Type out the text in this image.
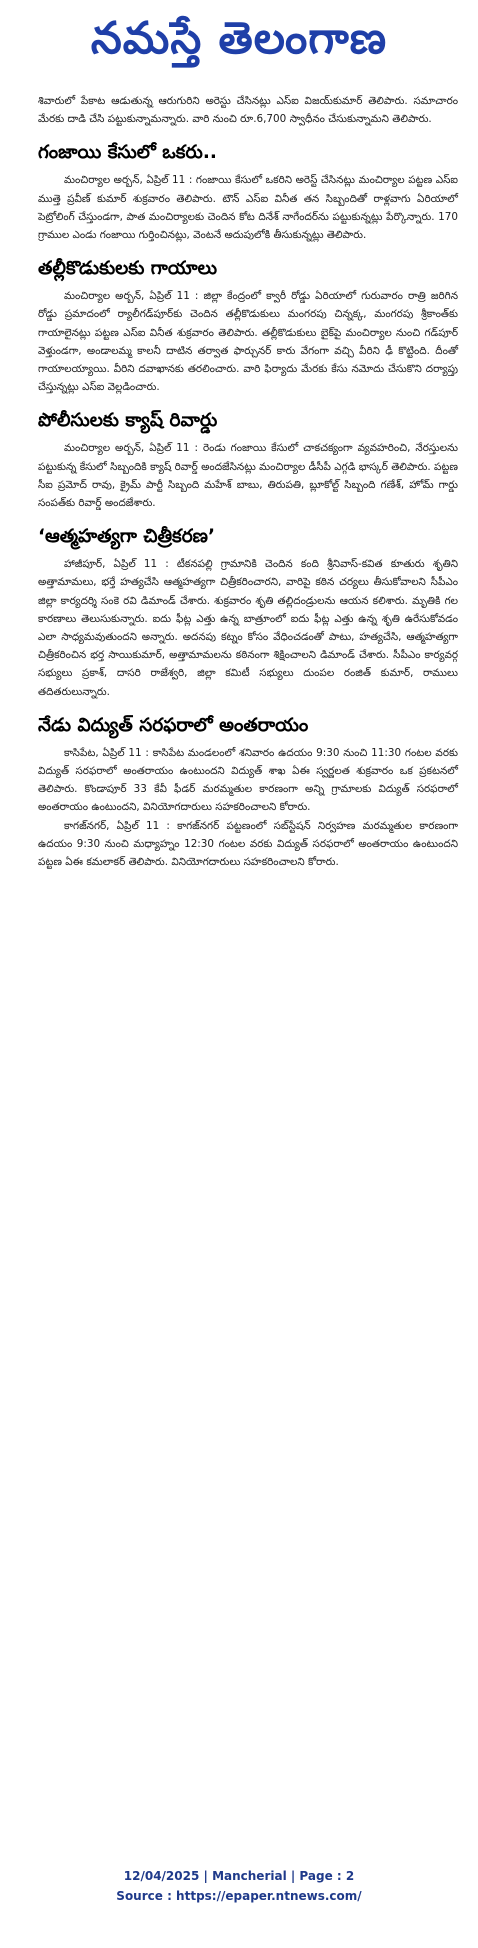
నమస్తే తెలంగాణ

శివారులో పేకాట ఆడుతున్న ఆరుగురిని అరెస్టు చేసినట్లు ఎస్ఐ విజయ్‌కుమార్ తెలిపారు. సమాచారం మేరకు దాడి చేసి పట్టుకున్నామన్నారు. వారి నుంచి రూ.6,700 స్వాధీనం చేసుకున్నామని తెలిపారు.

గంజాయి కేసులో ఒకరు..

మంచిర్యాల అర్బన్, ఏప్రిల్ 11 : గంజాయి కేసులో ఒకరిని అరెస్ట్ చేసినట్లు మంచిర్యాల పట్టణ ఎస్ఐ ముత్తె ప్రవీణ్ కుమార్ శుక్రవారం తెలిపారు. టౌన్ ఎస్ఐ వినీత తన సిబ్బందితో రాళ్లవాగు ఏరియాలో పెట్రోలింగ్ చేస్తుండగా, పాత మంచిర్యాలకు చెందిన కోట దినేశ్ నాగేందర్‌ను పట్టుకున్నట్లు పేర్కొన్నారు. 170 గ్రాముల ఎండు గంజాయి గుర్తించినట్లు, వెంటనే అదుపులోకి తీసుకున్నట్లు తెలిపారు.

తల్లీకొడుకులకు గాయాలు

మంచిర్యాల అర్బన్, ఏప్రిల్ 11 : జిల్లా కేంద్రంలో క్వారీ రోడ్డు ఏరియాలో గురువారం రాత్రి జరిగిన రోడ్డు ప్రమాదంలో ర్యాలీగడ్‌పూర్‌కు చెందిన తల్లీకొడుకులు మంగరపు చిన్నక్క, మంగరపు శ్రీకాంత్‌కు గాయాలైనట్లు పట్టణ ఎస్ఐ వినీత శుక్రవారం తెలిపారు. తల్లీకొడుకులు బైక్‌పై మంచిర్యాల నుంచి గడ్‌పూర్ వెళ్తుండగా, అండాలమ్మ కాలనీ దాటిన తర్వాత ఫార్చునర్ కారు వేగంగా వచ్చి వీరిని ఢీ కొట్టింది. దీంతో గాయాలయ్యాయి. వీరిని దవాఖానకు తరలించారు. వారి ఫిర్యాదు మేరకు కేసు నమోదు చేసుకొని దర్యాప్తు చేస్తున్నట్లు ఎస్ఐ వెల్లడించారు.

పోలీసులకు క్యాష్ రివార్డు

మంచిర్యాల అర్బన్, ఏప్రిల్ 11 : రెండు గంజాయి కేసులో చాకచక్యంగా వ్యవహరించి, నేరస్తులను పట్టుకున్న కేసులో సిబ్బందికి క్యాష్ రివార్డ్ అందజేసినట్లు మంచిర్యాల డీసీపీ ఎగ్గడి భాస్కర్ తెలిపారు. పట్టణ సీఐ ప్రమోద్ రావు, క్రైమ్ పార్టీ సిబ్బంది మహేశ్ బాబు, తిరుపతి, బ్లూకోల్ట్ సిబ్బంది గణేశ్, హోమ్ గార్డు సంపత్‌కు రివార్డ్ అందజేశారు.

‘ఆత్మహత్యగా చిత్రీకరణ’

హాజీపూర్, ఏప్రిల్ 11 : టీకనపల్లి గ్రామానికి చెందిన కంది శ్రీనివాస్-కవిత కూతురు శృతిని అత్తామామలు, భర్తే హత్యచేసి ఆత్మహత్యగా చిత్రీకరించారని, వారిపై కఠిన చర్యలు తీసుకోవాలని సీపీఎం జిల్లా కార్యదర్శి సంకె రవి డిమాండ్ చేశారు. శుక్రవారం శృతి తల్లిదండ్రులను ఆయన కలిశారు. మృతికి గల కారణాలు తెలుసుకున్నారు. ఐదు ఫీట్ల ఎత్తు ఉన్న బాత్రూంలో ఐదు ఫీట్ల ఎత్తు ఉన్న శృతి ఉరేసుకోవడం ఎలా సాధ్యమవుతుందని అన్నారు. అదనపు కట్నం కోసం వేధించడంతో పాటు, హత్యచేసి, ఆత్మహత్యగా చిత్రీకరించిన భర్త సాయికుమార్, అత్తామామలను కఠినంగా శిక్షించాలని డిమాండ్ చేశారు. సీపీఎం కార్యవర్గ సభ్యులు ప్రకాశ్, దాసరి రాజేశ్వరి, జిల్లా కమిటీ సభ్యులు దుంపల రంజిత్ కుమార్, రాములు తదితరులున్నారు.

నేడు విద్యుత్ సరఫరాలో అంతరాయం

కాసిపేట, ఏప్రిల్ 11 : కాసిపేట మండలంలో శనివారం ఉదయం 9:30 నుంచి 11:30 గంటల వరకు విద్యుత్ సరఫరాలో అంతరాయం ఉంటుందని విద్యుత్ శాఖ ఏఈ స్వర్ణలత శుక్రవారం ఒక ప్రకటనలో తెలిపారు. కొండాపూర్ 33 కేవీ ఫీడర్ మరమ్మతుల కారణంగా అన్ని గ్రామాలకు విద్యుత్ సరఫరాలో అంతరాయం ఉంటుందని, వినియోగదారులు సహకరించాలని కోరారు.

కాగజ్‌నగర్, ఏప్రిల్ 11 : కాగజ్‌నగర్ పట్టణంలో సబ్‌స్టేషన్ నిర్వహణ మరమ్మతుల కారణంగా ఉదయం 9:30 నుంచి మధ్యాహ్నం 12:30 గంటల వరకు విద్యుత్ సరఫరాలో అంతరాయం ఉంటుందని పట్టణ ఏఈ కమలాకర్ తెలిపారు. వినియోగదారులు సహకరించాలని కోరారు.

12/04/2025 | Mancherial | Page : 2
Source : https://epaper.ntnews.com/
